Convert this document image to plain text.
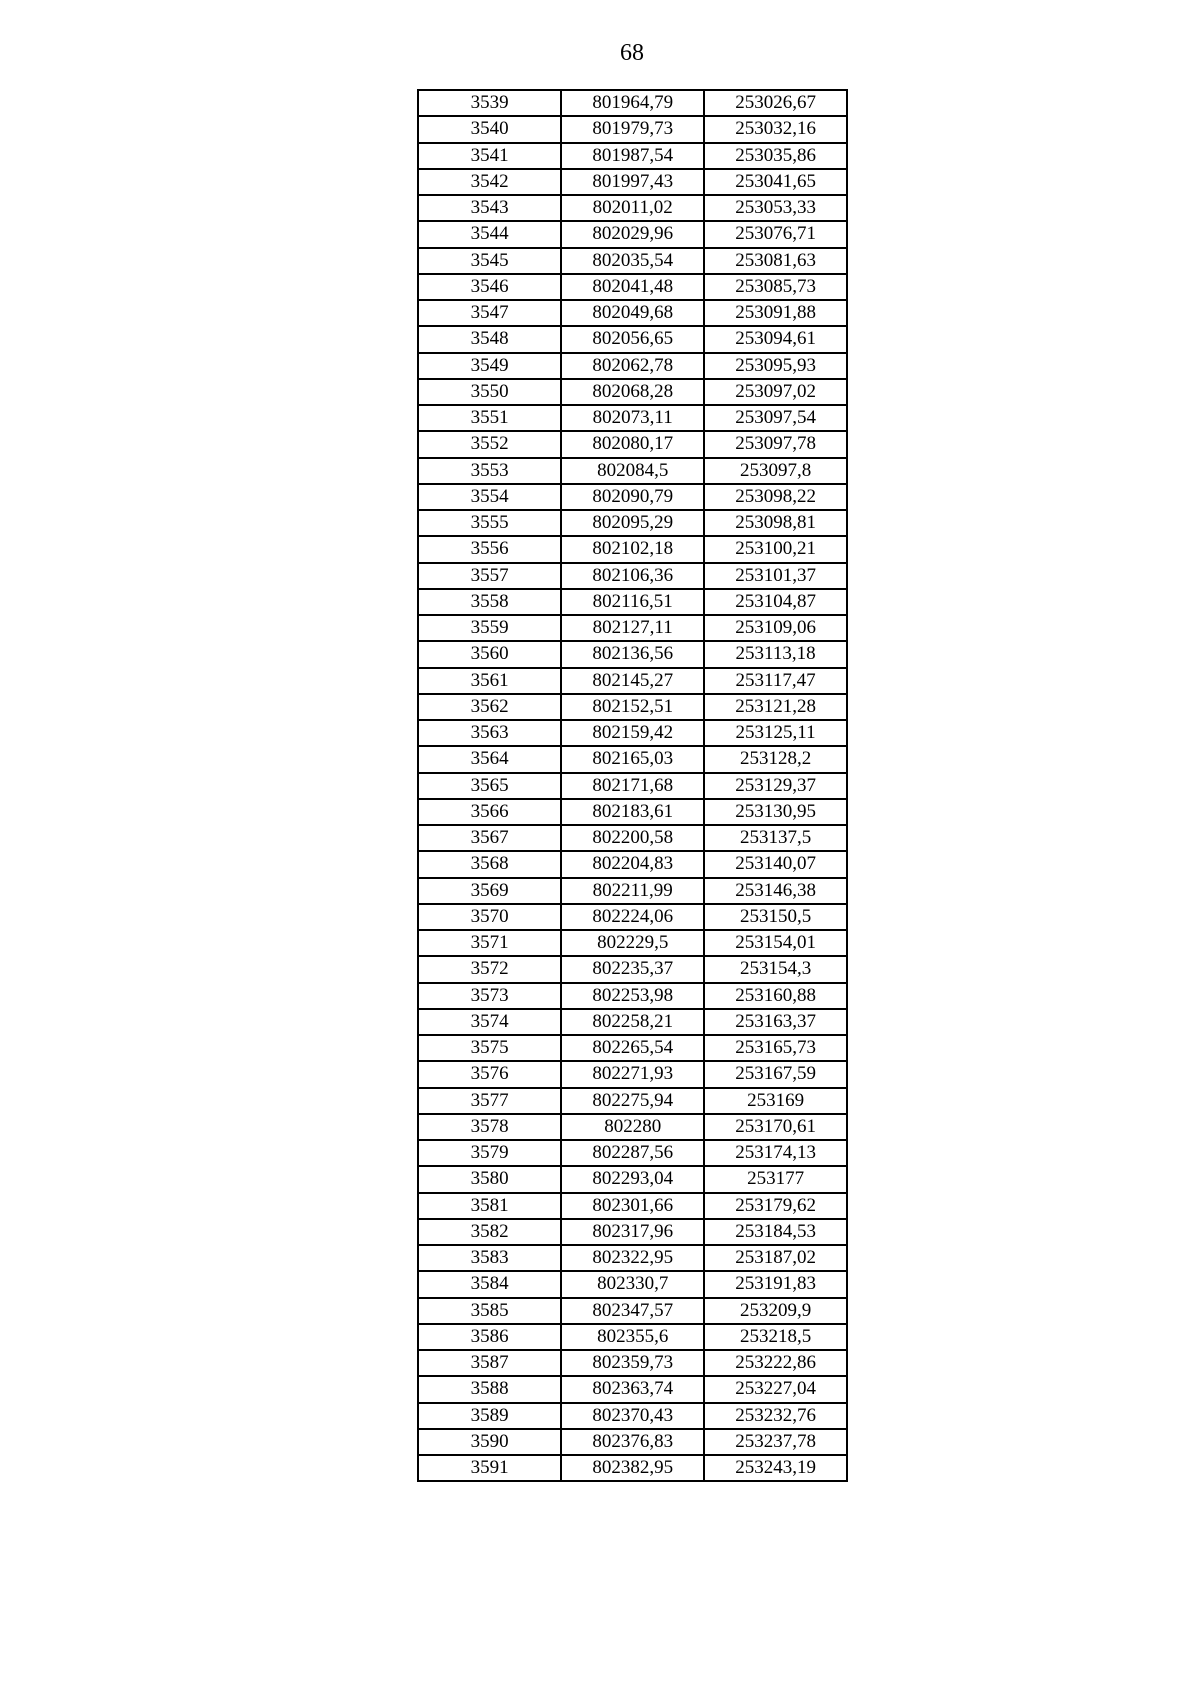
68
3539	801964,79	253026,67
3540	801979,73	253032,16
3541	801987,54	253035,86
3542	801997,43	253041,65
3543	802011,02	253053,33
3544	802029,96	253076,71
3545	802035,54	253081,63
3546	802041,48	253085,73
3547	802049,68	253091,88
3548	802056,65	253094,61
3549	802062,78	253095,93
3550	802068,28	253097,02
3551	802073,11	253097,54
3552	802080,17	253097,78
3553	802084,5	253097,8
3554	802090,79	253098,22
3555	802095,29	253098,81
3556	802102,18	253100,21
3557	802106,36	253101,37
3558	802116,51	253104,87
3559	802127,11	253109,06
3560	802136,56	253113,18
3561	802145,27	253117,47
3562	802152,51	253121,28
3563	802159,42	253125,11
3564	802165,03	253128,2
3565	802171,68	253129,37
3566	802183,61	253130,95
3567	802200,58	253137,5
3568	802204,83	253140,07
3569	802211,99	253146,38
3570	802224,06	253150,5
3571	802229,5	253154,01
3572	802235,37	253154,3
3573	802253,98	253160,88
3574	802258,21	253163,37
3575	802265,54	253165,73
3576	802271,93	253167,59
3577	802275,94	253169
3578	802280	253170,61
3579	802287,56	253174,13
3580	802293,04	253177
3581	802301,66	253179,62
3582	802317,96	253184,53
3583	802322,95	253187,02
3584	802330,7	253191,83
3585	802347,57	253209,9
3586	802355,6	253218,5
3587	802359,73	253222,86
3588	802363,74	253227,04
3589	802370,43	253232,76
3590	802376,83	253237,78
3591	802382,95	253243,19
